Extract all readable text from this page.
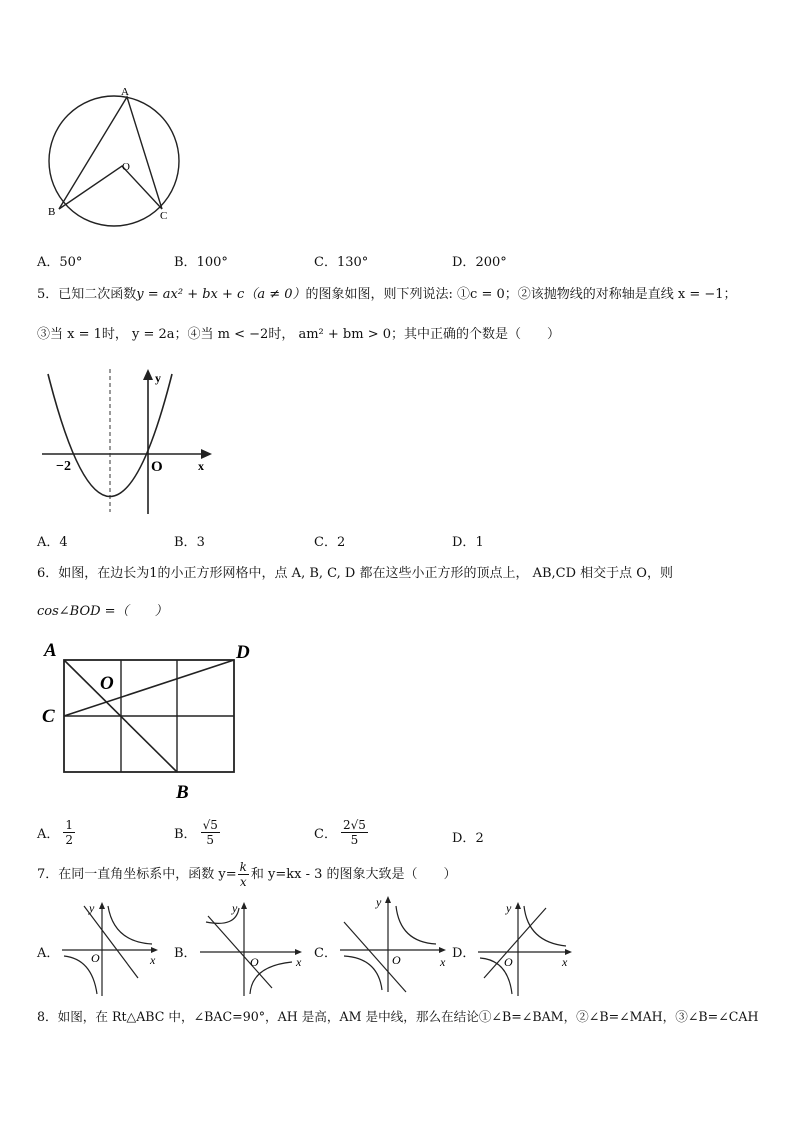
A
O
B	C
A．50°	B．100°	C．130°	D．200°
5．已知二次函数y = ax² + bx + c（a ≠ 0）的图象如图，则下列说法: ①c = 0；②该抛物线的对称轴是直线 x = −1；
③当 x = 1时， y = 2a；④当 m < −2时， am² + bm > 0；其中正确的个数是（　　）
y
x
−2	O
A．4	B．3	C．2	D．1
6．如图，在边长为1的小正方形网格中，点 A, B, C, D 都在这些小正方形的顶点上， AB,CD 相交于点 O，则
cos∠BOD =（　　）
A	D
O
C
B
A． $\frac{1}{2}$	B． $\frac{√5}{5}$	C． $\frac{2√5}{5}$	D．2
7．在同一直角坐标系中，函数 $y= \frac{k}{x}$ 和 y=kx - 3 的图象大致是（　　）
A．
y
x
O	B．
y
x
O
C．
y
x
O	D．
y
x
O
8．如图，在 Rt△ABC 中，∠BAC=90°，AH 是高，AM 是中线，那么在结论①∠B=∠BAM，②∠B=∠MAH，③∠B=∠CAH
